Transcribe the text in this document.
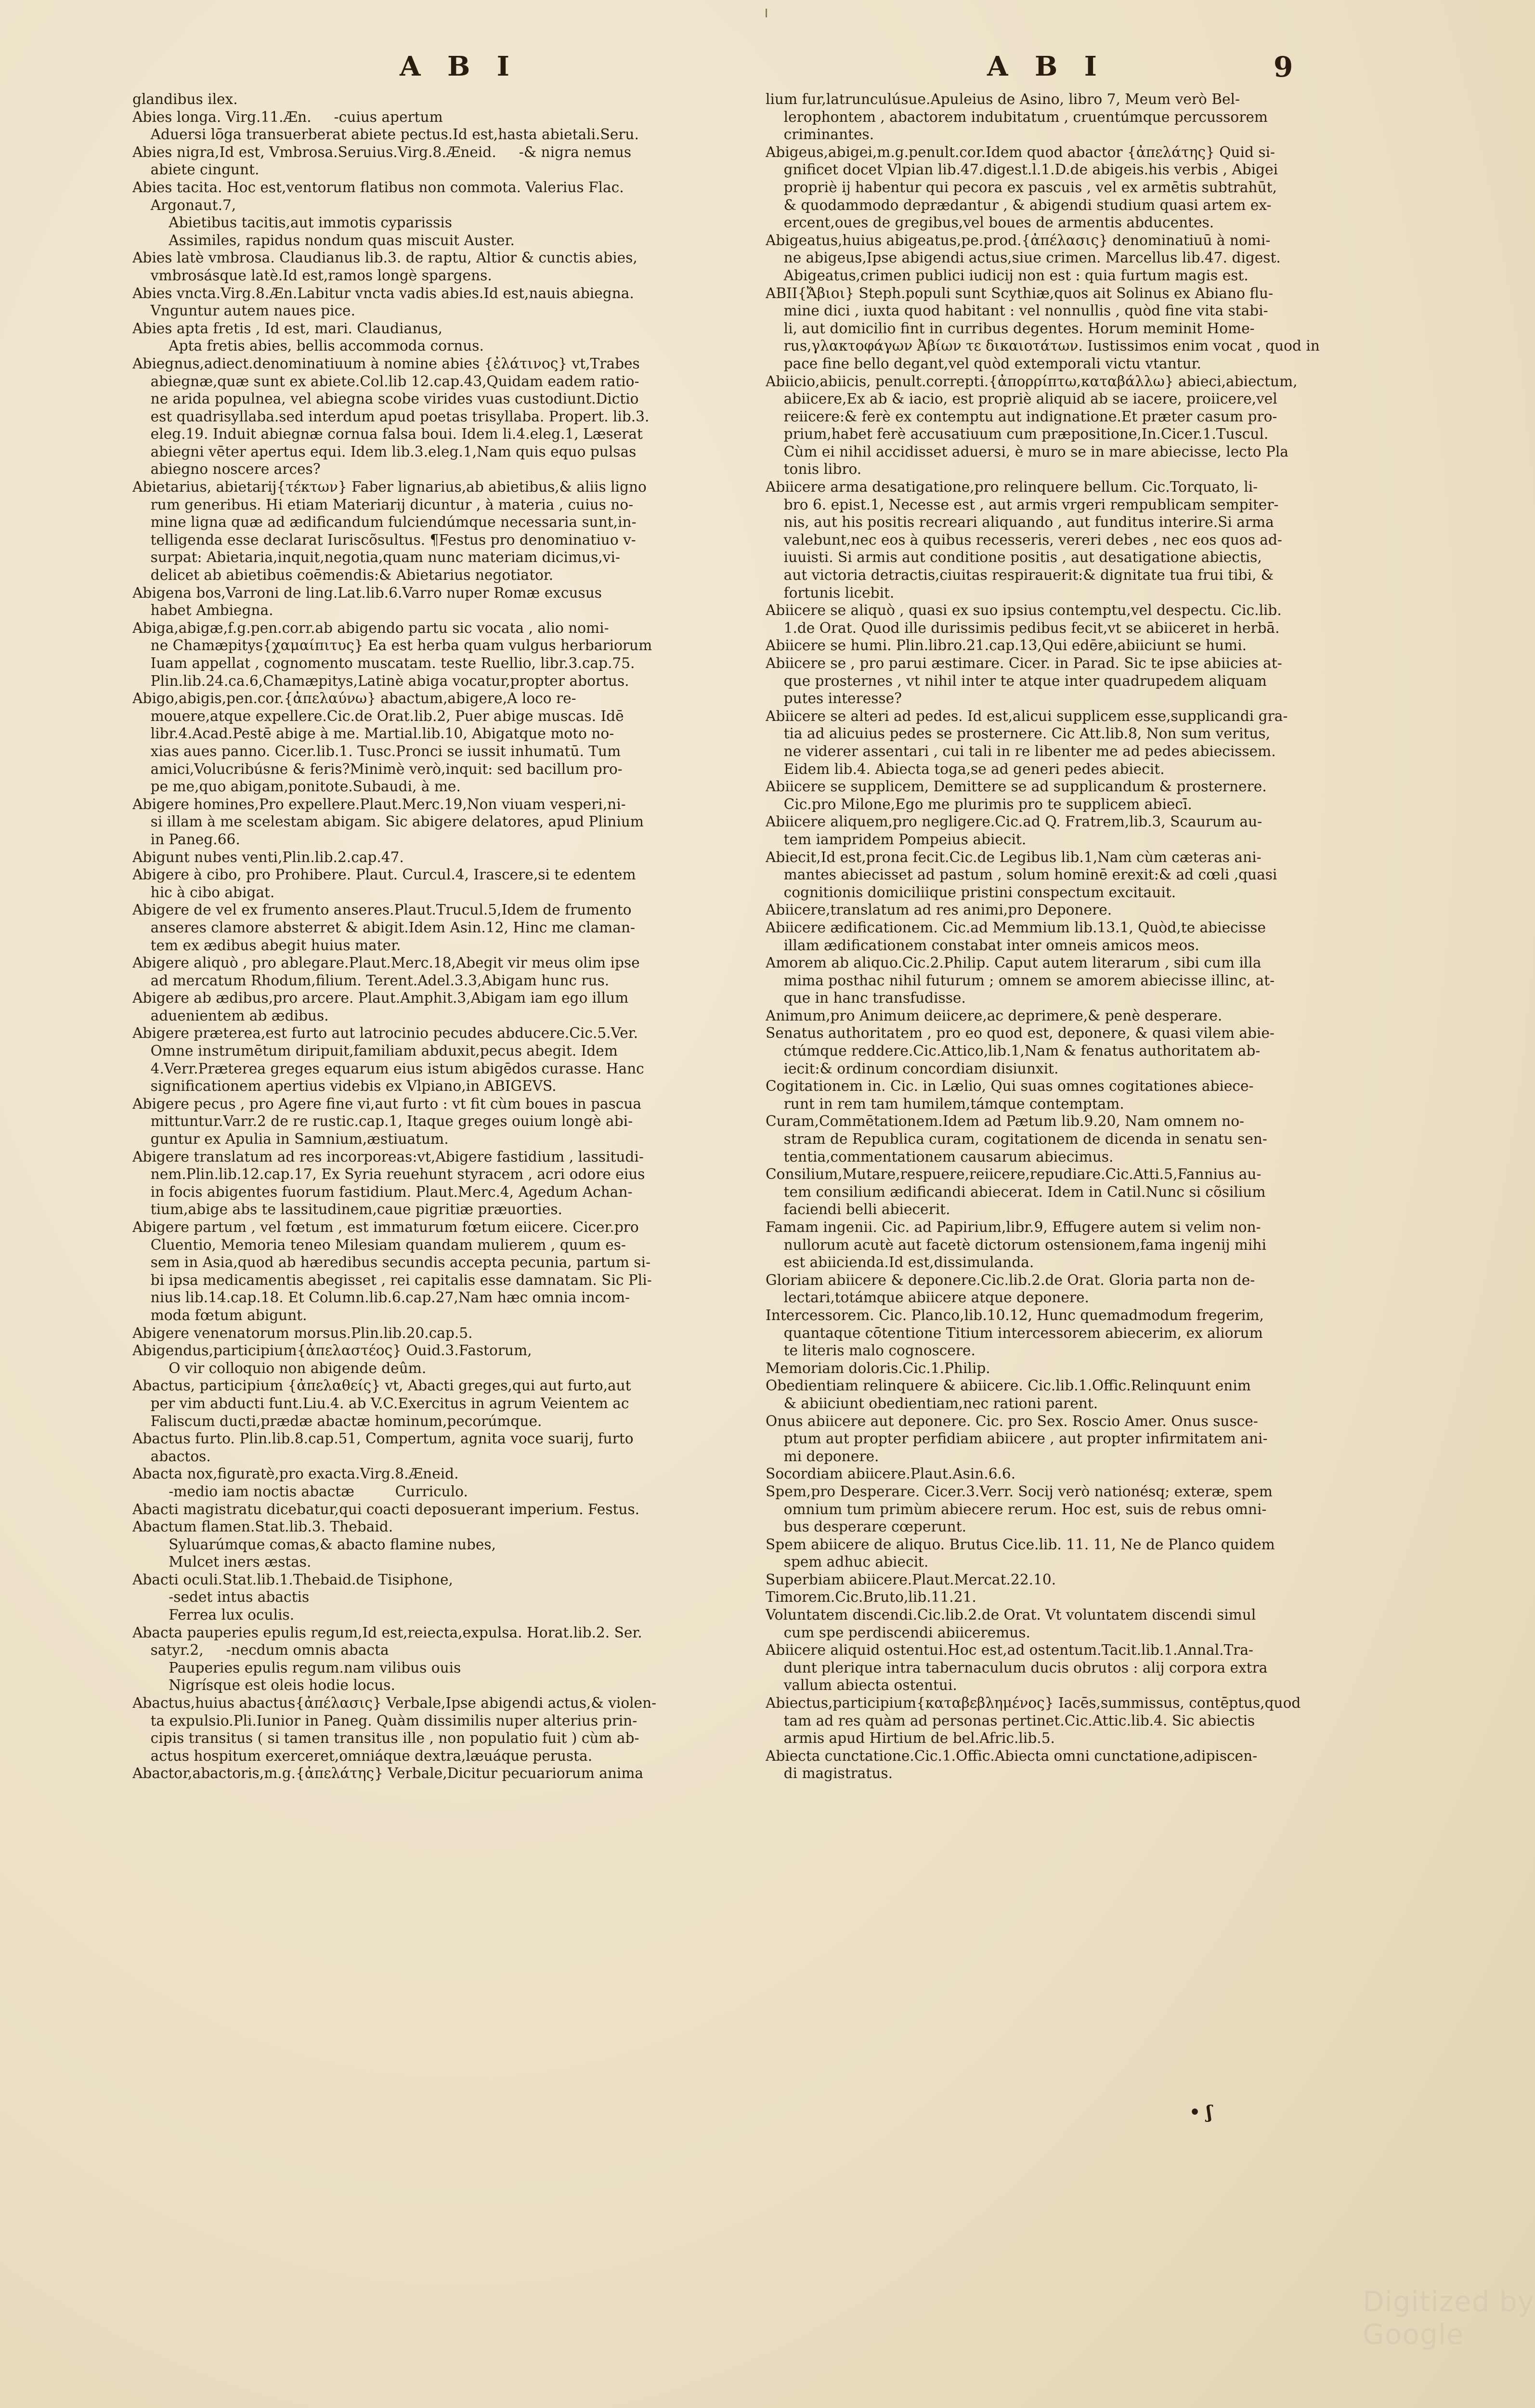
A B I	A B I	9

glandibus ilex.

Abies longa. Virg.11.Æn.     -cuius apertum

Aduersi lōga transuerberat abiete pectus.Id est,hasta abietali.Seru.

Abies nigra,Id est, Vmbrosa.Seruius.Virg.8.Æneid.     -& nigra nemus

abiete cingunt.

Abies tacita. Hoc est,ventorum flatibus non commota. Valerius Flac.

Argonaut.7,

Abietibus tacitis,aut immotis cyparissis

Assimiles, rapidus nondum quas miscuit Auster.

Abies latè vmbrosa. Claudianus lib.3. de raptu, Altior & cunctis abies,

vmbrosásque latè.Id est,ramos longè spargens.

Abies vncta.Virg.8.Æn.Labitur vncta vadis abies.Id est,nauis abiegna.

Vnguntur autem naues pice.

Abies apta fretis , Id est, mari. Claudianus,

Apta fretis abies, bellis accommoda cornus.

Abiegnus,adiect.denominatiuum à nomine abies {ἐλάτινος} vt,Trabes

abiegnæ,quæ sunt ex abiete.Col.lib 12.cap.43,Quidam eadem ratio-

ne arida populnea, vel abiegna scobe virides vuas custodiunt.Dictio

est quadrisyllaba.sed interdum apud poetas trisyllaba. Propert. lib.3.

eleg.19. Induit abiegnæ cornua falsa boui. Idem li.4.eleg.1, Læserat

abiegni vēter apertus equi. Idem lib.3.eleg.1,Nam quis equo pulsas

abiegno noscere arces?

Abietarius, abietarij{τέκτων} Faber lignarius,ab abietibus,& aliis ligno

rum generibus. Hi etiam Materiarij dicuntur , à materia , cuius no-

mine ligna quæ ad ædificandum fulciendúmque necessaria sunt,in-

telligenda esse declarat Iuriscõsultus. ¶Festus pro denominatiuo v-

surpat: Abietaria,inquit,negotia,quam nunc materiam dicimus,vi-

delicet ab abietibus coēmendis:& Abietarius negotiator.

Abigena bos,Varroni de ling.Lat.lib.6.Varro nuper Romæ excusus

habet Ambiegna.

Abiga,abigæ,f.g.pen.corr.ab abigendo partu sic vocata , alio nomi-

ne Chamæpitys{χαμαίπιτυς} Ea est herba quam vulgus herbariorum

Iuam appellat , cognomento muscatam. teste Ruellio, libr.3.cap.75.

Plin.lib.24.ca.6,Chamæpitys,Latinè abiga vocatur,propter abortus.

Abigo,abigis,pen.cor.{ἀπελαύνω} abactum,abigere,A loco re-

mouere,atque expellere.Cic.de Orat.lib.2, Puer abige muscas. Idē

libr.4.Acad.Pestē abige à me. Martial.lib.10, Abigatque moto no-

xias aues panno. Cicer.lib.1. Tusc.Pronci se iussit inhumatū. Tum

amici,Volucribúsne & feris?Minimè verò,inquit: sed bacillum pro-

pe me,quo abigam,ponitote.Subaudi, à me.

Abigere homines,Pro expellere.Plaut.Merc.19,Non viuam vesperi,ni-

si illam à me scelestam abigam. Sic abigere delatores, apud Plinium

in Paneg.66.

Abigunt nubes venti,Plin.lib.2.cap.47.

Abigere à cibo, pro Prohibere. Plaut. Curcul.4, Irascere,si te edentem

hic à cibo abigat.

Abigere de vel ex frumento anseres.Plaut.Trucul.5,Idem de frumento

anseres clamore absterret & abigit.Idem Asin.12, Hinc me claman-

tem ex ædibus abegit huius mater.

Abigere aliquò , pro ablegare.Plaut.Merc.18,Abegit vir meus olim ipse

ad mercatum Rhodum,filium. Terent.Adel.3.3,Abigam hunc rus.

Abigere ab ædibus,pro arcere. Plaut.Amphit.3,Abigam iam ego illum

aduenientem ab ædibus.

Abigere præterea,est furto aut latrocinio pecudes abducere.Cic.5.Ver.

Omne instrumētum diripuit,familiam abduxit,pecus abegit. Idem

4.Verr.Præterea greges equarum eius istum abigēdos curasse. Hanc

significationem apertius videbis ex Vlpiano,in ABIGEVS.

Abigere pecus , pro Agere fine vi,aut furto : vt fit cùm boues in pascua

mittuntur.Varr.2 de re rustic.cap.1, Itaque greges ouium longè abi-

guntur ex Apulia in Samnium,æstiuatum.

Abigere translatum ad res incorporeas:vt,Abigere fastidium , lassitudi-

nem.Plin.lib.12.cap.17, Ex Syria reuehunt styracem , acri odore eius

in focis abigentes fuorum fastidium. Plaut.Merc.4, Agedum Achan-

tium,abige abs te lassitudinem,caue pigritiæ præuorties.

Abigere partum , vel fœtum , est immaturum fœtum eiicere. Cicer.pro

Cluentio, Memoria teneo Milesiam quandam mulierem , quum es-

sem in Asia,quod ab hæredibus secundis accepta pecunia, partum si-

bi ipsa medicamentis abegisset , rei capitalis esse damnatam. Sic Pli-

nius lib.14.cap.18. Et Column.lib.6.cap.27,Nam hæc omnia incom-

moda fœtum abigunt.

Abigere venenatorum morsus.Plin.lib.20.cap.5.

Abigendus,participium{ἀπελαστέος} Ouid.3.Fastorum,

O vir colloquio non abigende deûm.

Abactus, participium {ἀπελαθείς} vt, Abacti greges,qui aut furto,aut

per vim abducti funt.Liu.4. ab V.C.Exercitus in agrum Veientem ac

Faliscum ducti,prædæ abactæ hominum,pecorúmque.

Abactus furto. Plin.lib.8.cap.51, Compertum, agnita voce suarij, furto

abactos.

Abacta nox,figuratè,pro exacta.Virg.8.Æneid.

-medio iam noctis abactæ         Curriculo.

Abacti magistratu dicebatur,qui coacti deposuerant imperium. Festus.

Abactum flamen.Stat.lib.3. Thebaid.

Syluarúmque comas,& abacto flamine nubes,

Mulcet iners æstas.

Abacti oculi.Stat.lib.1.Thebaid.de Tisiphone,

-sedet intus abactis

Ferrea lux oculis.

Abacta pauperies epulis regum,Id est,reiecta,expulsa. Horat.lib.2. Ser.

satyr.2,     -necdum omnis abacta

Pauperies epulis regum.nam vilibus ouis

Nigrísque est oleis hodie locus.

Abactus,huius abactus{ἀπέλασις} Verbale,Ipse abigendi actus,& violen-

ta expulsio.Pli.Iunior in Paneg. Quàm dissimilis nuper alterius prin-

cipis transitus ( si tamen transitus ille , non populatio fuit ) cùm ab-

actus hospitum exerceret,omniáque dextra,læuáque perusta.

Abactor,abactoris,m.g.{ἀπελάτης} Verbale,Dicitur pecuariorum anima

lium fur,latrunculúsue.Apuleius de Asino, libro 7, Meum verò Bel-

lerophontem , abactorem indubitatum , cruentúmque percussorem

criminantes.

Abigeus,abigei,m.g.penult.cor.Idem quod abactor {ἀπελάτης} Quid si-

gnificet docet Vlpian lib.47.digest.l.1.D.de abigeis.his verbis , Abigei

propriè ij habentur qui pecora ex pascuis , vel ex armētis subtrahūt,

& quodammodo deprædantur , & abigendi studium quasi artem ex-

ercent,oues de gregibus,vel boues de armentis abducentes.

Abigeatus,huius abigeatus,pe.prod.{ἀπέλασις} denominatiuū à nomi-

ne abigeus,Ipse abigendi actus,siue crimen. Marcellus lib.47. digest.

Abigeatus,crimen publici iudicij non est : quia furtum magis est.

ABII{Ἄβιοι} Steph.populi sunt Scythiæ,quos ait Solinus ex Abiano flu-

mine dici , iuxta quod habitant : vel nonnullis , quòd fine vita stabi-

li, aut domicilio fint in curribus degentes. Horum meminit Home-

rus,γλακτοφάγων Ἀβίων τε δικαιοτάτων. Iustissimos enim vocat , quod in

pace fine bello degant,vel quòd extemporali victu vtantur.

Abiicio,abiicis, penult.correpti.{ἀπορρίπτω,καταβάλλω} abieci,abiectum,

abiicere,Ex ab & iacio, est propriè aliquid ab se iacere, proiicere,vel

reiicere:& ferè ex contemptu aut indignatione.Et præter casum pro-

prium,habet ferè accusatiuum cum præpositione,In.Cicer.1.Tuscul.

Cùm ei nihil accidisset aduersi, è muro se in mare abiecisse, lecto Pla

tonis libro.

Abiicere arma desatigatione,pro relinquere bellum. Cic.Torquato, li-

bro 6. epist.1, Necesse est , aut armis vrgeri rempublicam sempiter-

nis, aut his positis recreari aliquando , aut funditus interire.Si arma

valebunt,nec eos à quibus recesseris, vereri debes , nec eos quos ad-

iuuisti. Si armis aut conditione positis , aut desatigatione abiectis,

aut victoria detractis,ciuitas respirauerit:& dignitate tua frui tibi, &

fortunis licebit.

Abiicere se aliquò , quasi ex suo ipsius contemptu,vel despectu. Cic.lib.

1.de Orat. Quod ille durissimis pedibus fecit,vt se abiiceret in herbā.

Abiicere se humi. Plin.libro.21.cap.13,Qui edēre,abiiciunt se humi.

Abiicere se , pro parui æstimare. Cicer. in Parad. Sic te ipse abiicies at-

que prosternes , vt nihil inter te atque inter quadrupedem aliquam

putes interesse?

Abiicere se alteri ad pedes. Id est,alicui supplicem esse,supplicandi gra-

tia ad alicuius pedes se prosternere. Cic Att.lib.8, Non sum veritus,

ne viderer assentari , cui tali in re libenter me ad pedes abiecissem.

Eidem lib.4. Abiecta toga,se ad generi pedes abiecit.

Abiicere se supplicem, Demittere se ad supplicandum & prosternere.

Cic.pro Milone,Ego me plurimis pro te supplicem abiecī.

Abiicere aliquem,pro negligere.Cic.ad Q. Fratrem,lib.3, Scaurum au-

tem iampridem Pompeius abiecit.

Abiecit,Id est,prona fecit.Cic.de Legibus lib.1,Nam cùm cæteras ani-

mantes abiecisset ad pastum , solum hominē erexit:& ad cœli ,quasi

cognitionis domiciliique pristini conspectum excitauit.

Abiicere,translatum ad res animi,pro Deponere.

Abiicere ædificationem. Cic.ad Memmium lib.13.1, Quòd,te abiecisse

illam ædificationem constabat inter omneis amicos meos.

Amorem ab aliquo.Cic.2.Philip. Caput autem literarum , sibi cum illa

mima posthac nihil futurum ; omnem se amorem abiecisse illinc, at-

que in hanc transfudisse.

Animum,pro Animum deiicere,ac deprimere,& penè desperare.

Senatus authoritatem , pro eo quod est, deponere, & quasi vilem abie-

ctúmque reddere.Cic.Attico,lib.1,Nam & fenatus authoritatem ab-

iecit:& ordinum concordiam disiunxit.

Cogitationem in. Cic. in Lælio, Qui suas omnes cogitationes abiece-

runt in rem tam humilem,támque contemptam.

Curam,Commētationem.Idem ad Pætum lib.9.20, Nam omnem no-

stram de Republica curam, cogitationem de dicenda in senatu sen-

tentia,commentationem causarum abiecimus.

Consilium,Mutare,respuere,reiicere,repudiare.Cic.Atti.5,Fannius au-

tem consilium ædificandi abiecerat. Idem in Catil.Nunc si cõsilium

faciendi belli abiecerit.

Famam ingenii. Cic. ad Papirium,libr.9, Effugere autem si velim non-

nullorum acutè aut facetè dictorum ostensionem,fama ingenij mihi

est abiicienda.Id est,dissimulanda.

Gloriam abiicere & deponere.Cic.lib.2.de Orat. Gloria parta non de-

lectari,totámque abiicere atque deponere.

Intercessorem. Cic. Planco,lib.10.12, Hunc quemadmodum fregerim,

quantaque cōtentione Titium intercessorem abiecerim, ex aliorum

te literis malo cognoscere.

Memoriam doloris.Cic.1.Philip.

Obedientiam relinquere & abiicere. Cic.lib.1.Offic.Relinquunt enim

& abiiciunt obedientiam,nec rationi parent.

Onus abiicere aut deponere. Cic. pro Sex. Roscio Amer. Onus susce-

ptum aut propter perfidiam abiicere , aut propter infirmitatem ani-

mi deponere.

Socordiam abiicere.Plaut.Asin.6.6.

Spem,pro Desperare. Cicer.3.Verr. Socij verò nationésq; exteræ, spem

omnium tum primùm abiecere rerum. Hoc est, suis de rebus omni-

bus desperare cœperunt.

Spem abiicere de aliquo. Brutus Cice.lib. 11. 11, Ne de Planco quidem

spem adhuc abiecit.

Superbiam abiicere.Plaut.Mercat.22.10.

Timorem.Cic.Bruto,lib.11.21.

Voluntatem discendi.Cic.lib.2.de Orat. Vt voluntatem discendi simul

cum spe perdiscendi abiiceremus.

Abiicere aliquid ostentui.Hoc est,ad ostentum.Tacit.lib.1.Annal.Tra-

dunt plerique intra tabernaculum ducis obrutos : alij corpora extra

vallum abiecta ostentui.

Abiectus,participium{καταβεβλημένος} Iacēs,summissus, contēptus,quod

tam ad res quàm ad personas pertinet.Cic.Attic.lib.4. Sic abiectis

armis apud Hirtium de bel.Afric.lib.5.

Abiecta cunctatione.Cic.1.Offic.Abiecta omni cunctatione,adipiscen-

di magistratus.

• ʃ
Digitized by Google
